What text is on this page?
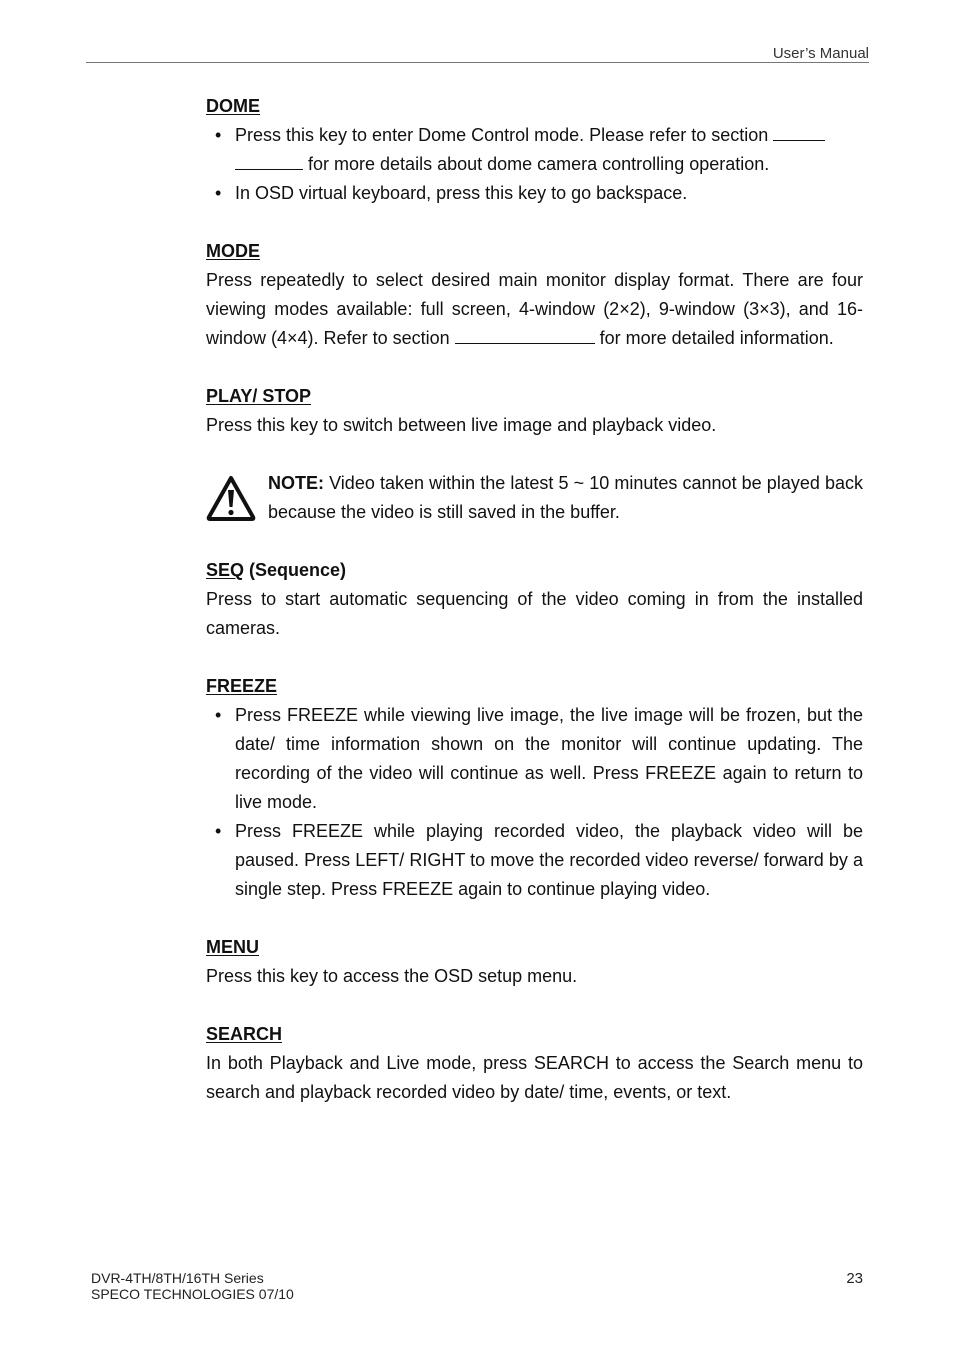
User’s Manual
DOME
• Press this key to enter Dome Control mode. Please refer to section
for more details about dome camera controlling operation.
• In OSD virtual keyboard, press this key to go backspace.
MODE

Press repeatedly to select desired main monitor display format. There are four viewing modes available: full screen, 4-window (2×2), 9-window (3×3), and 16-window (4×4). Refer to section	for more detailed information.

PLAY/ STOP

Press this key to switch between live image and playback video.

NOTE: Video taken within the latest 5 ~ 10 minutes cannot be played back because the video is still saved in the buffer.

SEQ (Sequence)

Press to start automatic sequencing of the video coming in from the installed cameras.

FREEZE
• Press FREEZE while viewing live image, the live image will be frozen, but the date/ time information shown on the monitor will continue updating. The recording of the video will continue as well. Press FREEZE again to return to live mode.
• Press FREEZE while playing recorded video, the playback video will be paused. Press LEFT/ RIGHT to move the recorded video reverse/ forward by a single step. Press FREEZE again to continue playing video.
MENU

Press this key to access the OSD setup menu.

SEARCH

In both Playback and Live mode, press SEARCH to access the Search menu to search and playback recorded video by date/ time, events, or text.

DVR-4TH/8TH/16TH Series
SPECO TECHNOLOGIES 07/10
23
